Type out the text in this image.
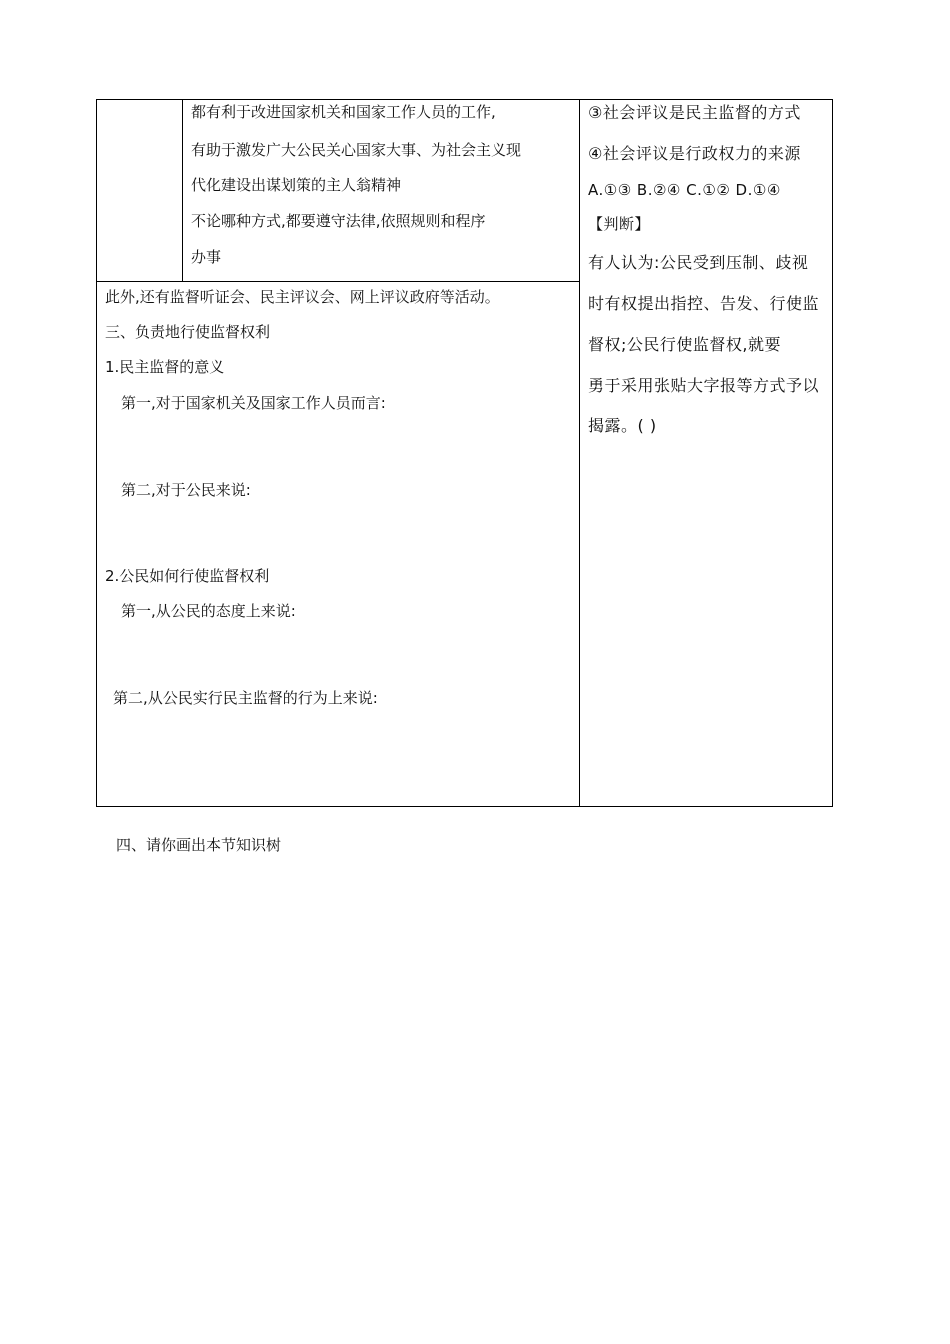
都有利于改进国家机关和国家工作人员的工作,
有助于激发广大公民关心国家大事、为社会主义现
代化建设出谋划策的主人翁精神
不论哪种方式,都要遵守法律,依照规则和程序
办事
此外,还有监督听证会、民主评议会、网上评议政府等活动。
三、负责地行使监督权利
1.民主监督的意义
第一,对于国家机关及国家工作人员而言:
第二,对于公民来说:
2.公民如何行使监督权利
第一,从公民的态度上来说:
第二,从公民实行民主监督的行为上来说:
③社会评议是民主监督的方式
④社会评议是行政权力的来源
A.①③ B.②④ C.①② D.①④
【判断】
有人认为:公民受到压制、歧视
时有权提出指控、告发、行使监
督权;公民行使监督权,就要
勇于采用张贴大字报等方式予以
揭露。( )
四、请你画出本节知识树
